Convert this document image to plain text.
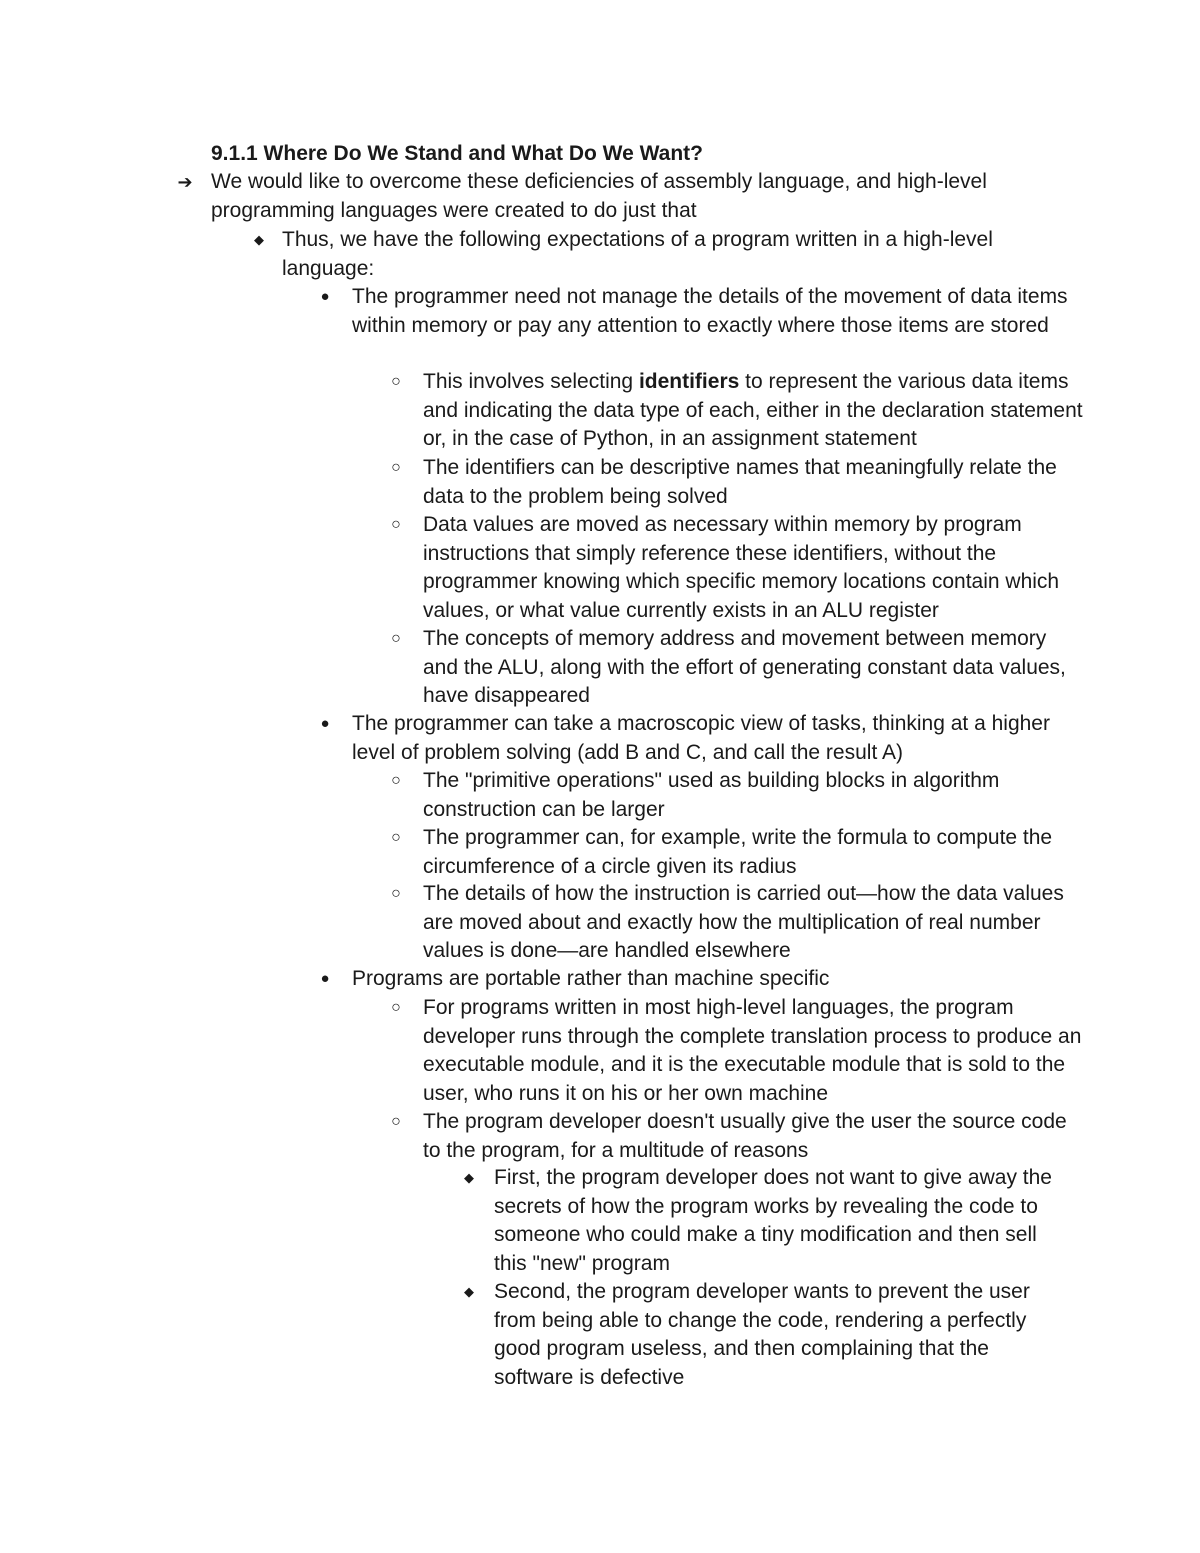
9.1.1 Where Do We Stand and What Do We Want?
➔ We would like to overcome these deficiencies of assembly language, and high-level programming languages were created to do just that
◆ Thus, we have the following expectations of a program written in a high-level language:
● The programmer need not manage the details of the movement of data items within memory or pay any attention to exactly where those items are stored
○ This involves selecting identifiers to represent the various data items and indicating the data type of each, either in the declaration statement or, in the case of Python, in an assignment statement
○ The identifiers can be descriptive names that meaningfully relate the data to the problem being solved
○ Data values are moved as necessary within memory by program instructions that simply reference these identifiers, without the programmer knowing which specific memory locations contain which values, or what value currently exists in an ALU register
○ The concepts of memory address and movement between memory and the ALU, along with the effort of generating constant data values, have disappeared
● The programmer can take a macroscopic view of tasks, thinking at a higher level of problem solving (add B and C, and call the result A)
○ The "primitive operations" used as building blocks in algorithm construction can be larger
○ The programmer can, for example, write the formula to compute the circumference of a circle given its radius
○ The details of how the instruction is carried out—how the data values are moved about and exactly how the multiplication of real number values is done—are handled elsewhere
● Programs are portable rather than machine specific
○ For programs written in most high-level languages, the program developer runs through the complete translation process to produce an executable module, and it is the executable module that is sold to the user, who runs it on his or her own machine
○ The program developer doesn't usually give the user the source code to the program, for a multitude of reasons
◆ First, the program developer does not want to give away the secrets of how the program works by revealing the code to someone who could make a tiny modification and then sell this "new" program
◆ Second, the program developer wants to prevent the user from being able to change the code, rendering a perfectly good program useless, and then complaining that the software is defective
